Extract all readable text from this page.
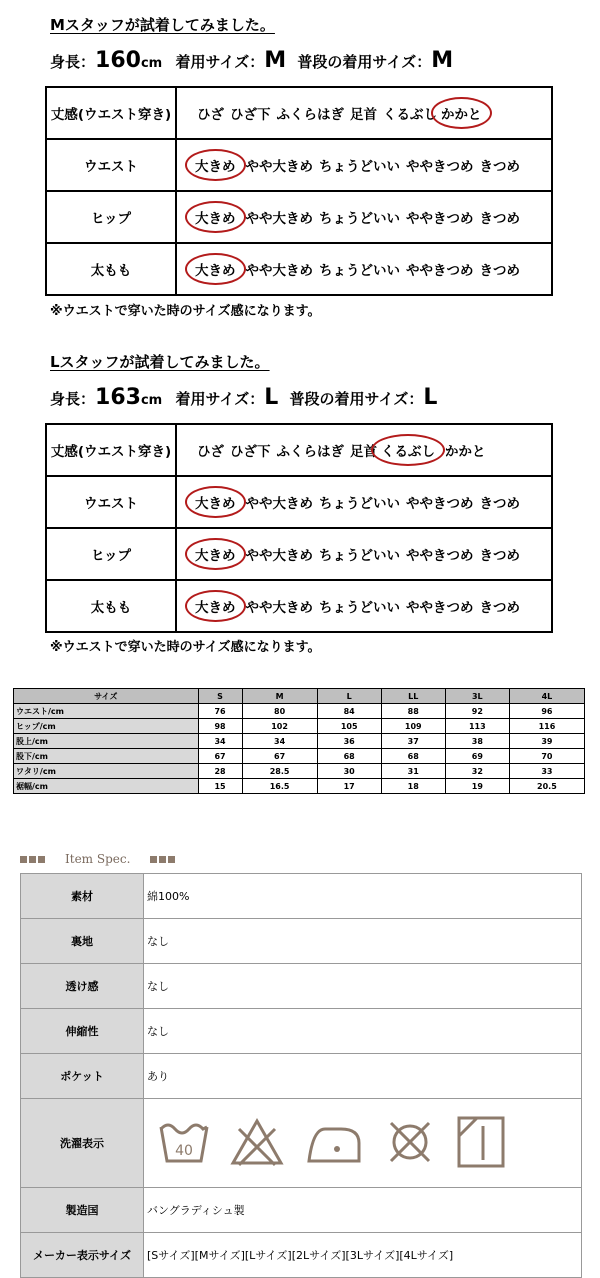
Mスタッフが試着してみました。
身長：160cm 着用サイズ：M 普段の着用サイズ：M
丈感(ウエスト穿き)	ひざ ひざ下 ふくらはぎ 足首 くるぶし かかと
ウエスト	大きめ やや大きめ ちょうどいい ややきつめ きつめ
ヒップ	大きめ やや大きめ ちょうどいい ややきつめ きつめ
太もも	大きめ やや大きめ ちょうどいい ややきつめ きつめ
※ウエストで穿いた時のサイズ感になります。
Lスタッフが試着してみました。
身長：163cm 着用サイズ：L 普段の着用サイズ：L
丈感(ウエスト穿き)	ひざ ひざ下 ふくらはぎ 足首 くるぶし かかと
ウエスト	大きめ やや大きめ ちょうどいい ややきつめ きつめ
ヒップ	大きめ やや大きめ ちょうどいい ややきつめ きつめ
太もも	大きめ やや大きめ ちょうどいい ややきつめ きつめ
※ウエストで穿いた時のサイズ感になります。
サイズ	S	M	L	LL	3L	4L
ウエスト/cm	76	80	84	88	92	96
ヒップ/cm	98	102	105	109	113	116
股上/cm	34	34	36	37	38	39
股下/cm	67	67	68	68	69	70
ワタリ/cm	28	28.5	30	31	32	33
裾幅/cm	15	16.5	17	18	19	20.5
Item Spec.
素材	綿100%
裏地	なし
透け感	なし
伸縮性	なし
ポケット	あり
洗濯表示	40

製造国	バングラディシュ製
メーカー表示サイズ	[Sサイズ][Mサイズ][Lサイズ][2Lサイズ][3Lサイズ][4Lサイズ]
